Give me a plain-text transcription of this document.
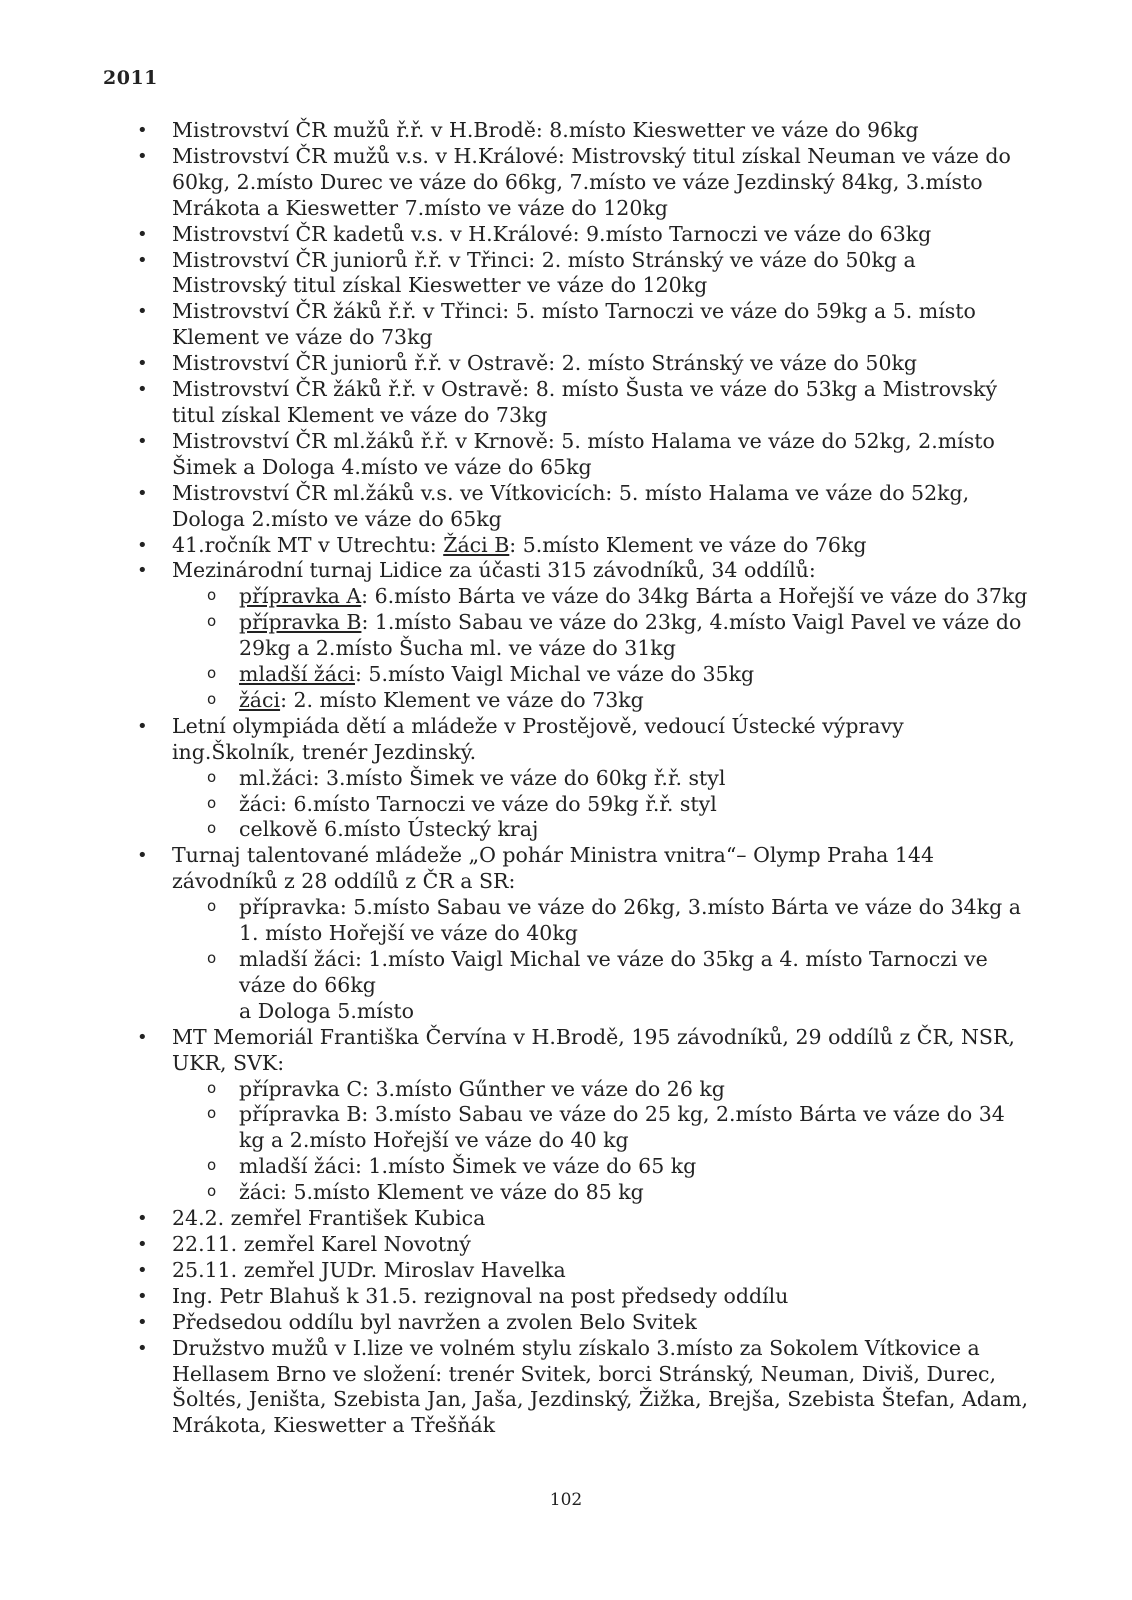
2011
• Mistrovství ČR mužů ř.ř. v H.Brodě: 8.místo Kieswetter ve váze do 96kg
• Mistrovství ČR mužů v.s. v H.Králové: Mistrovský titul získal Neuman ve váze do 60kg, 2.místo Durec ve váze do 66kg, 7.místo ve váze Jezdinský 84kg, 3.místo Mrákota a Kieswetter 7.místo ve váze do 120kg
• Mistrovství ČR kadetů v.s. v H.Králové: 9.místo Tarnoczi ve váze do 63kg
• Mistrovství ČR juniorů ř.ř. v Třinci: 2. místo Stránský ve váze do 50kg a Mistrovský titul získal Kieswetter ve váze do 120kg
• Mistrovství ČR žáků ř.ř. v Třinci: 5. místo Tarnoczi ve váze do 59kg a 5. místo Klement ve váze do 73kg
• Mistrovství ČR juniorů ř.ř. v Ostravě: 2. místo Stránský ve váze do 50kg
• Mistrovství ČR žáků ř.ř. v Ostravě: 8. místo Šusta ve váze do 53kg a Mistrovský titul získal Klement ve váze do 73kg
• Mistrovství ČR ml.žáků ř.ř. v Krnově: 5. místo Halama ve váze do 52kg, 2.místo Šimek a Dologa 4.místo ve váze do 65kg
• Mistrovství ČR ml.žáků v.s. ve Vítkovicích: 5. místo Halama ve váze do 52kg, Dologa 2.místo ve váze do 65kg
• 41.ročník MT v Utrechtu: Žáci B: 5.místo Klement ve váze do 76kg
• Mezinárodní turnaj Lidice za účasti 315 závodníků, 34 oddílů:
o přípravka A: 6.místo Bárta ve váze do 34kg Bárta a Hořejší ve váze do 37kg
o přípravka B: 1.místo Sabau ve váze do 23kg, 4.místo Vaigl Pavel ve váze do 29kg a 2.místo Šucha ml. ve váze do 31kg
o mladší žáci: 5.místo Vaigl Michal ve váze do 35kg
o žáci: 2. místo Klement ve váze do 73kg
• Letní olympiáda dětí a mládeže v Prostějově, vedoucí Ústecké výpravy ing.Školník, trenér Jezdinský.
o ml.žáci: 3.místo Šimek ve váze do 60kg ř.ř. styl
o žáci: 6.místo Tarnoczi ve váze do 59kg ř.ř. styl
o celkově 6.místo Ústecký kraj
• Turnaj talentované mládeže „O pohár Ministra vnitra“– Olymp Praha 144 závodníků z 28 oddílů z ČR a SR:
o přípravka: 5.místo Sabau ve váze do 26kg, 3.místo Bárta ve váze do 34kg a 1. místo Hořejší ve váze do 40kg
o mladší žáci: 1.místo Vaigl Michal ve váze do 35kg a 4. místo Tarnoczi ve váze do 66kg
a Dologa 5.místo
• MT Memoriál Františka Červína v H.Brodě, 195 závodníků, 29 oddílů z ČR, NSR, UKR, SVK:
o přípravka C: 3.místo Gűnther ve váze do 26 kg
o přípravka B: 3.místo Sabau ve váze do 25 kg, 2.místo Bárta ve váze do 34 kg a 2.místo Hořejší ve váze do 40 kg
o mladší žáci: 1.místo Šimek ve váze do 65 kg
o žáci: 5.místo Klement ve váze do 85 kg
• 24.2. zemřel František Kubica
• 22.11. zemřel Karel Novotný
• 25.11. zemřel JUDr. Miroslav Havelka
• Ing. Petr Blahuš k 31.5. rezignoval na post předsedy oddílu
• Předsedou oddílu byl navržen a zvolen Belo Svitek
• Družstvo mužů v I.lize ve volném stylu získalo 3.místo za Sokolem Vítkovice a Hellasem Brno ve složení: trenér Svitek, borci Stránský, Neuman, Diviš, Durec, Šoltés, Jeništa, Szebista Jan, Jaša, Jezdinský, Žižka, Brejša, Szebista Štefan, Adam, Mrákota, Kieswetter a Třešňák
102
